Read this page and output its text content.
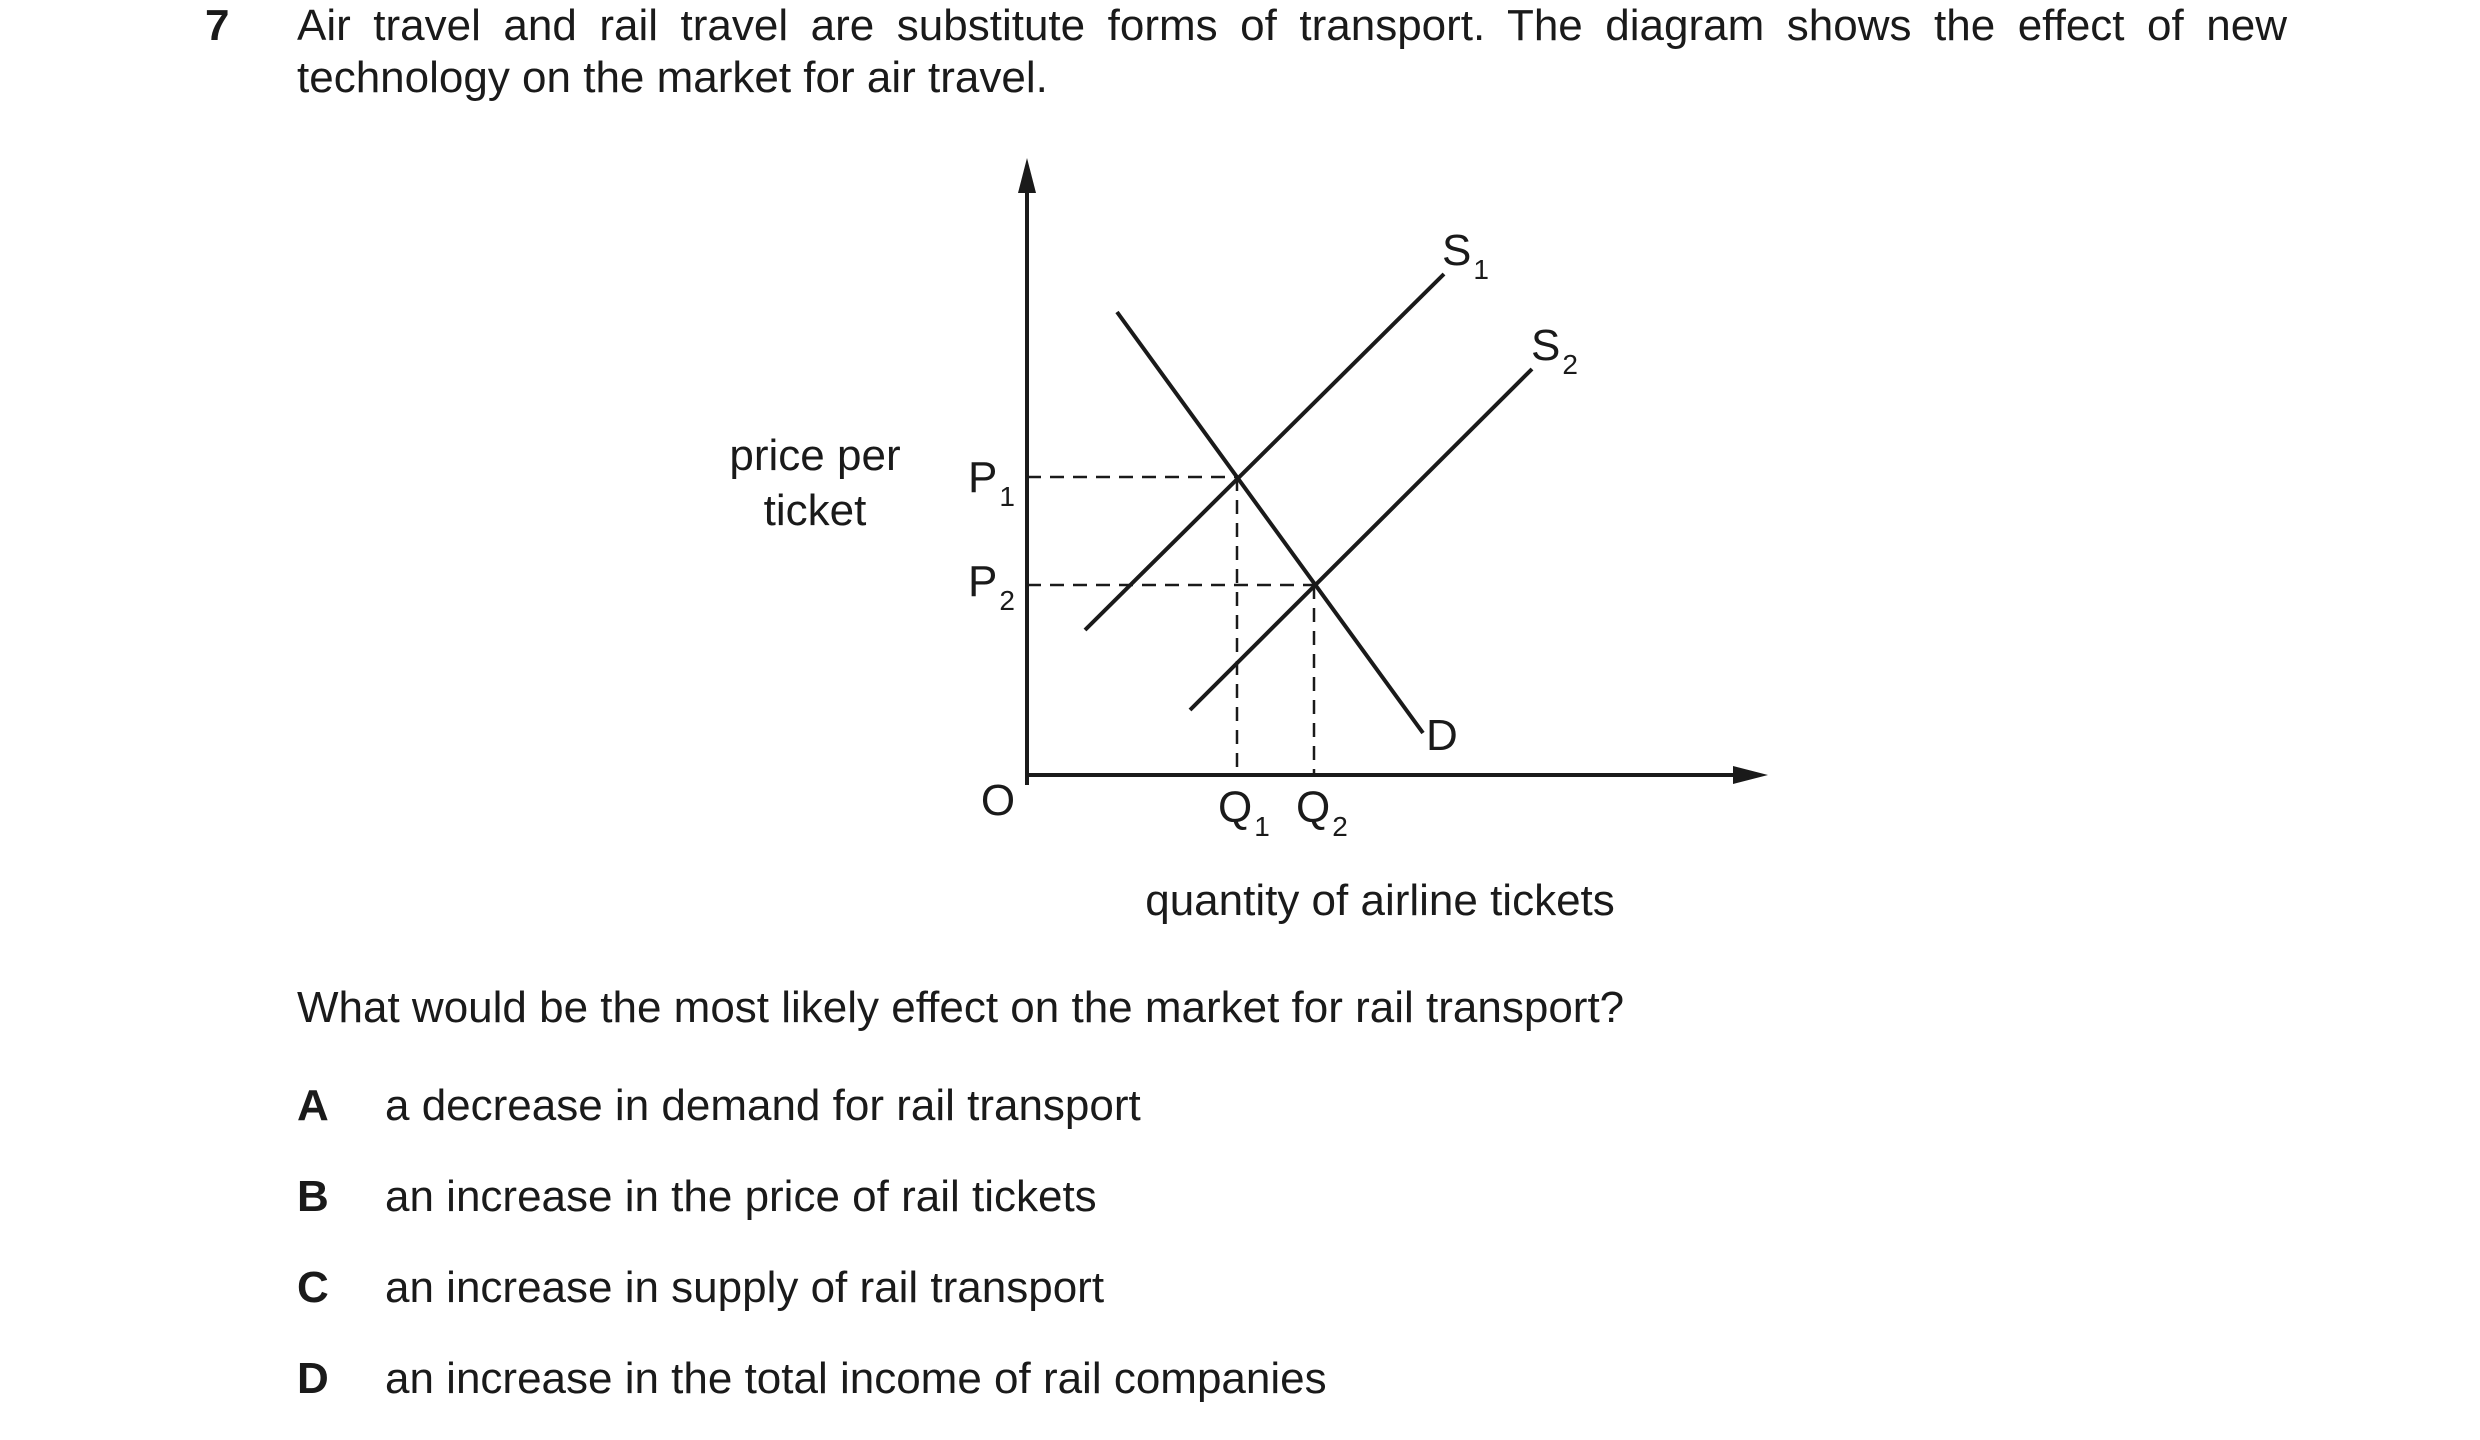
7 Air travel and rail travel are substitute forms of transport. The diagram shows the effect of new technology on the market for air travel.
price per
ticket
quantity of airline tickets
O
$P_1$
$P_2$
$Q_1$ $Q_2$
$S_1$
$S_2$
D
What would be the most likely effect on the market for rail transport?
A a decrease in demand for rail transport
B an increase in the price of rail tickets
C an increase in supply of rail transport
D an increase in the total income of rail companies
